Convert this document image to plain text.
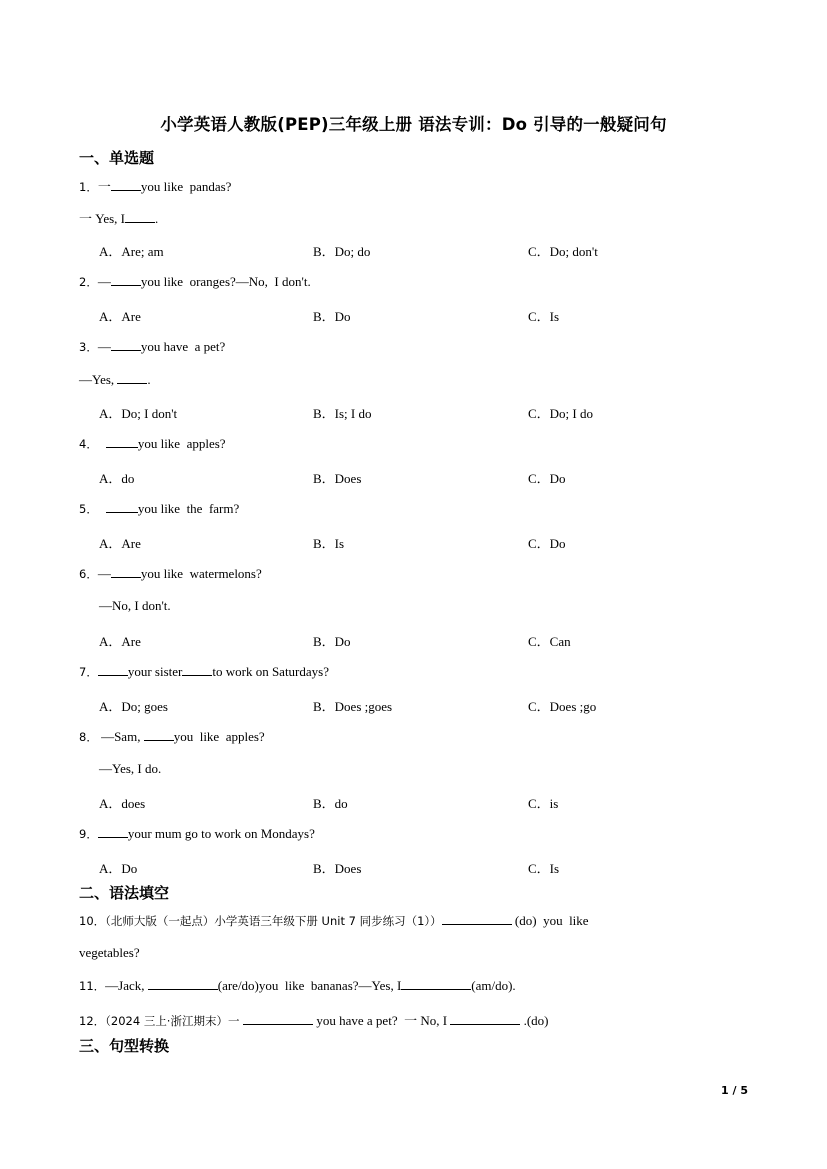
小学英语人教版(PEP)三年级上册 语法专训：Do 引导的一般疑问句
一、单选题
1．一 you like  pandas?
一 Yes, I .
A．Are; am	B．Do; do	C．Do; don't
2．— you like  oranges?—No,  I don't.
A．Are	B．Do	C．Is
3．— you have  a pet?
—Yes, .
A．Do; I don't	B．Is; I do	C．Do; I do
4．	you like  apples?
A．do	B．Does	C．Do
5．	you like  the  farm?
A．Are	B．Is	C．Do
6．— you like  watermelons?
—No, I don't.
A．Are	B．Do	C．Can
7． your sister to work on Saturdays?
A．Do; goes	B．Does ;goes	C．Does ;go
8． —Sam, you  like  apples?
—Yes, I do.
A．does	B．do	C．is
9． your mum go to work on Mondays?
A．Do	B．Does	C．Is
二、语法填空
10．（北师大版（一起点）小学英语三年级下册 Unit 7 同步练习（1））	(do)  you  like
vegetables?
11．—Jack,	(are/do)you  like  bananas?—Yes, I	(am/do).
12．（2024 三上·浙江期末）一	you have a pet?  一 No, I	.(do)
三、句型转换
1 / 5
